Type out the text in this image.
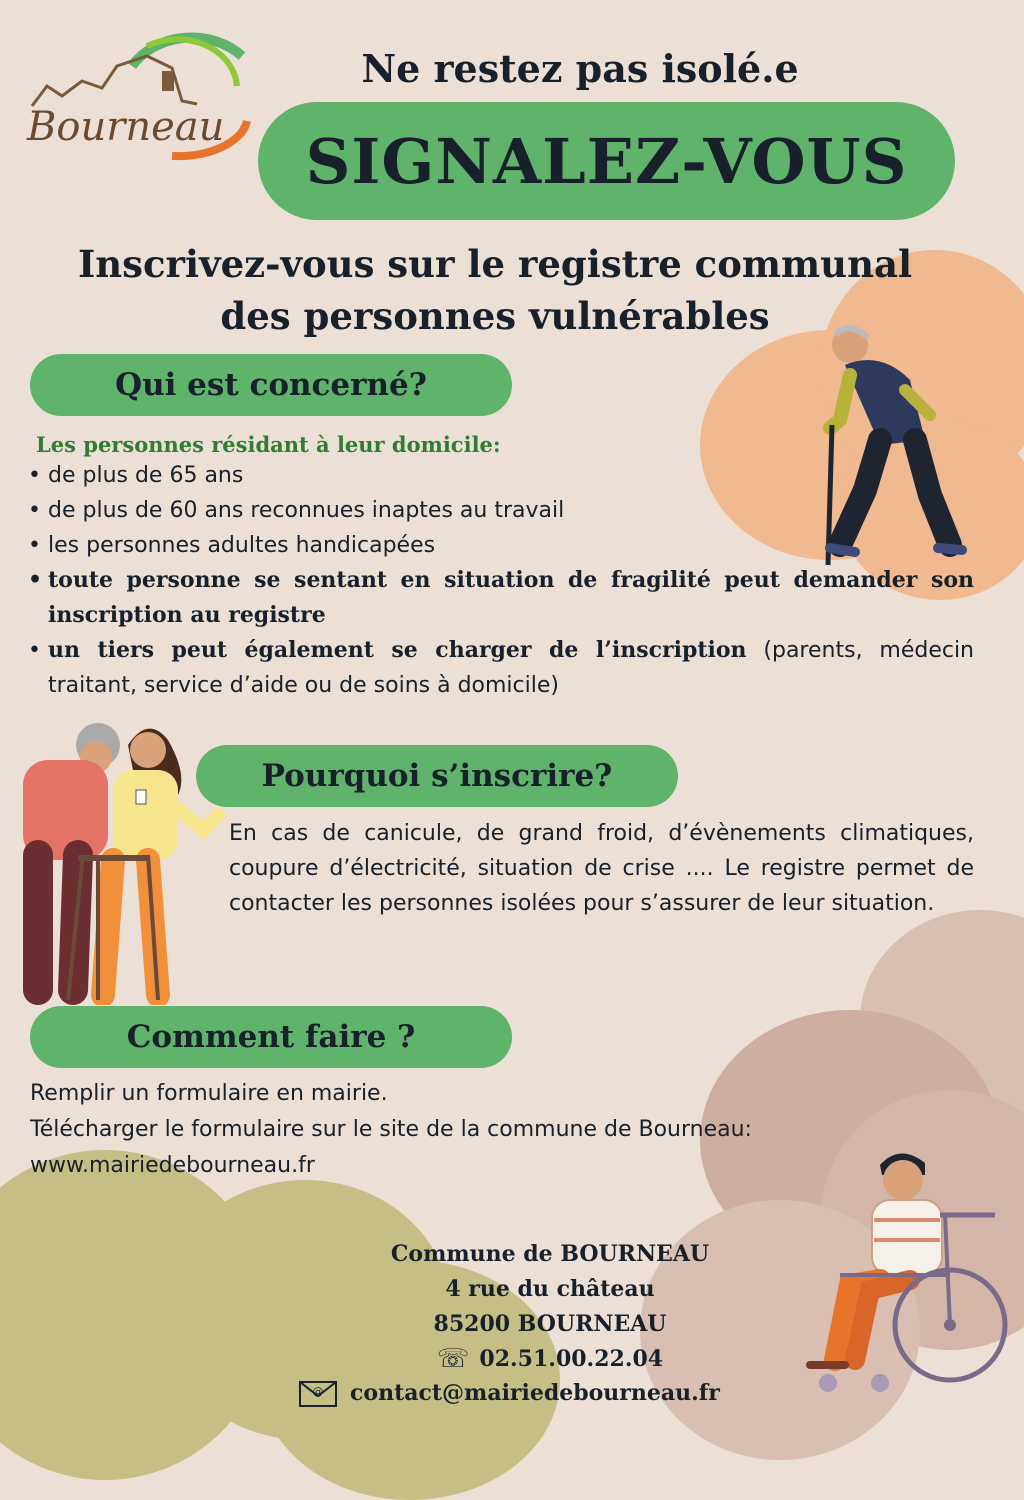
Bourneau
Ne restez pas isolé.e
SIGNALEZ-VOUS
Inscrivez-vous sur le registre communal
des personnes vulnérables
Qui est concerné?
Les personnes résidant à leur domicile:
• de plus de 65 ans
• de plus de 60 ans reconnues inaptes au travail
• les personnes adultes handicapées
• toute personne se sentant en situation de fragilité peut demander son inscription au registre
• un tiers peut également se charger de l’inscription (parents, médecin traitant, service d’aide ou de soins à domicile)
Pourquoi s’inscrire?
En cas de canicule, de grand froid, d’évènements climatiques, coupure d’électricité, situation de crise .... Le registre permet de contacter les personnes isolées pour s’assurer de leur situation.
Comment faire ?
Remplir un formulaire en mairie.
Télécharger le formulaire sur le site de la commune de Bourneau:
www.mairiedebourneau.fr
Commune de BOURNEAU
4 rue du château
85200 BOURNEAU
☏ 02.51.00.22.04
@ contact@mairiedebourneau.fr
